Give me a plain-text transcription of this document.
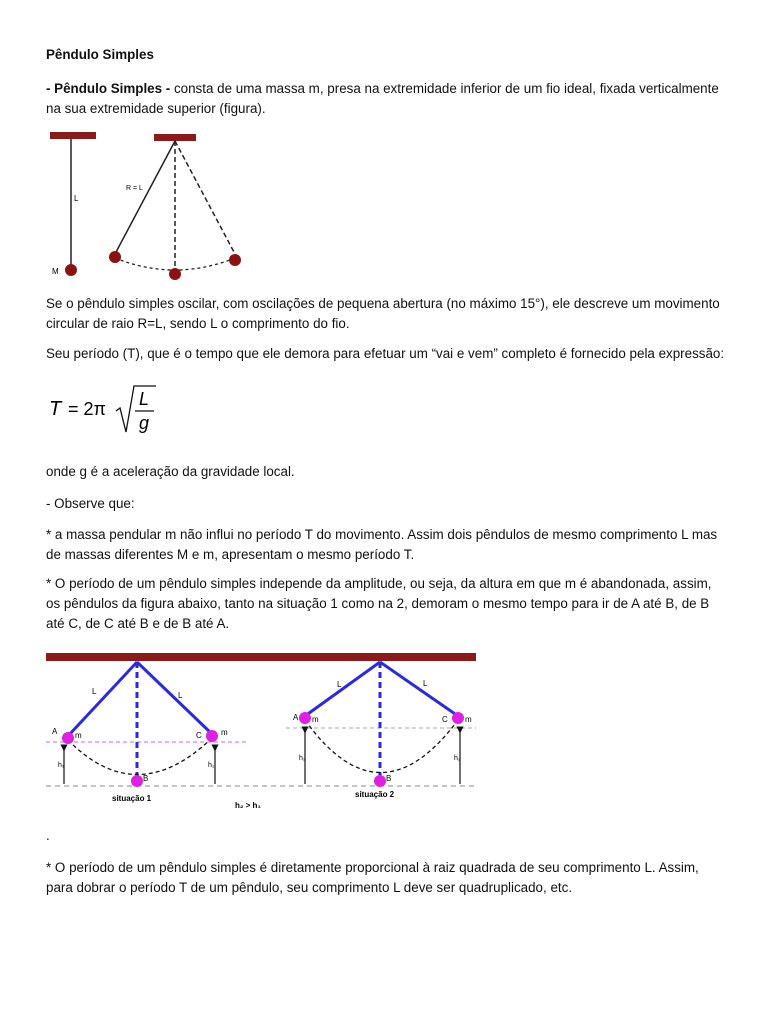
Pêndulo Simples

- Pêndulo Simples - consta de uma massa m, presa na extremidade inferior de um fio ideal, fixada verticalmente na sua extremidade superior (figura).

L
M
R = L

Se o pêndulo simples oscilar, com oscilações de pequena abertura (no máximo 15°), ele descreve um movimento circular de raio R=L, sendo L o comprimento do fio.

Seu período (T), que é o tempo que ele demora para efetuar um “vai e vem” completo é fornecido pela expressão:

T = 2π L
g

onde g é a aceleração da gravidade local.

- Observe que:

* a massa pendular m não influi no período T do movimento. Assim dois pêndulos de mesmo comprimento L mas de massas diferentes M e m, apresentam o mesmo período T.

* O período de um pêndulo simples independe da amplitude, ou seja, da altura em que m é abandonada, assim, os pêndulos da figura abaixo, tanto na situação 1 como na 2, demoram o mesmo tempo para ir de A até B, de B até C, de C até B e de B até A.

A m	C m
B
L	L
h₁	h₁
situação 1
h₂ > h₁
A m	C m
B
L	L
h₂	h₂
situação 2

.

* O período de um pêndulo simples é diretamente proporcional à raiz quadrada de seu comprimento L. Assim, para dobrar o período T de um pêndulo, seu comprimento L deve ser quadruplicado, etc.
